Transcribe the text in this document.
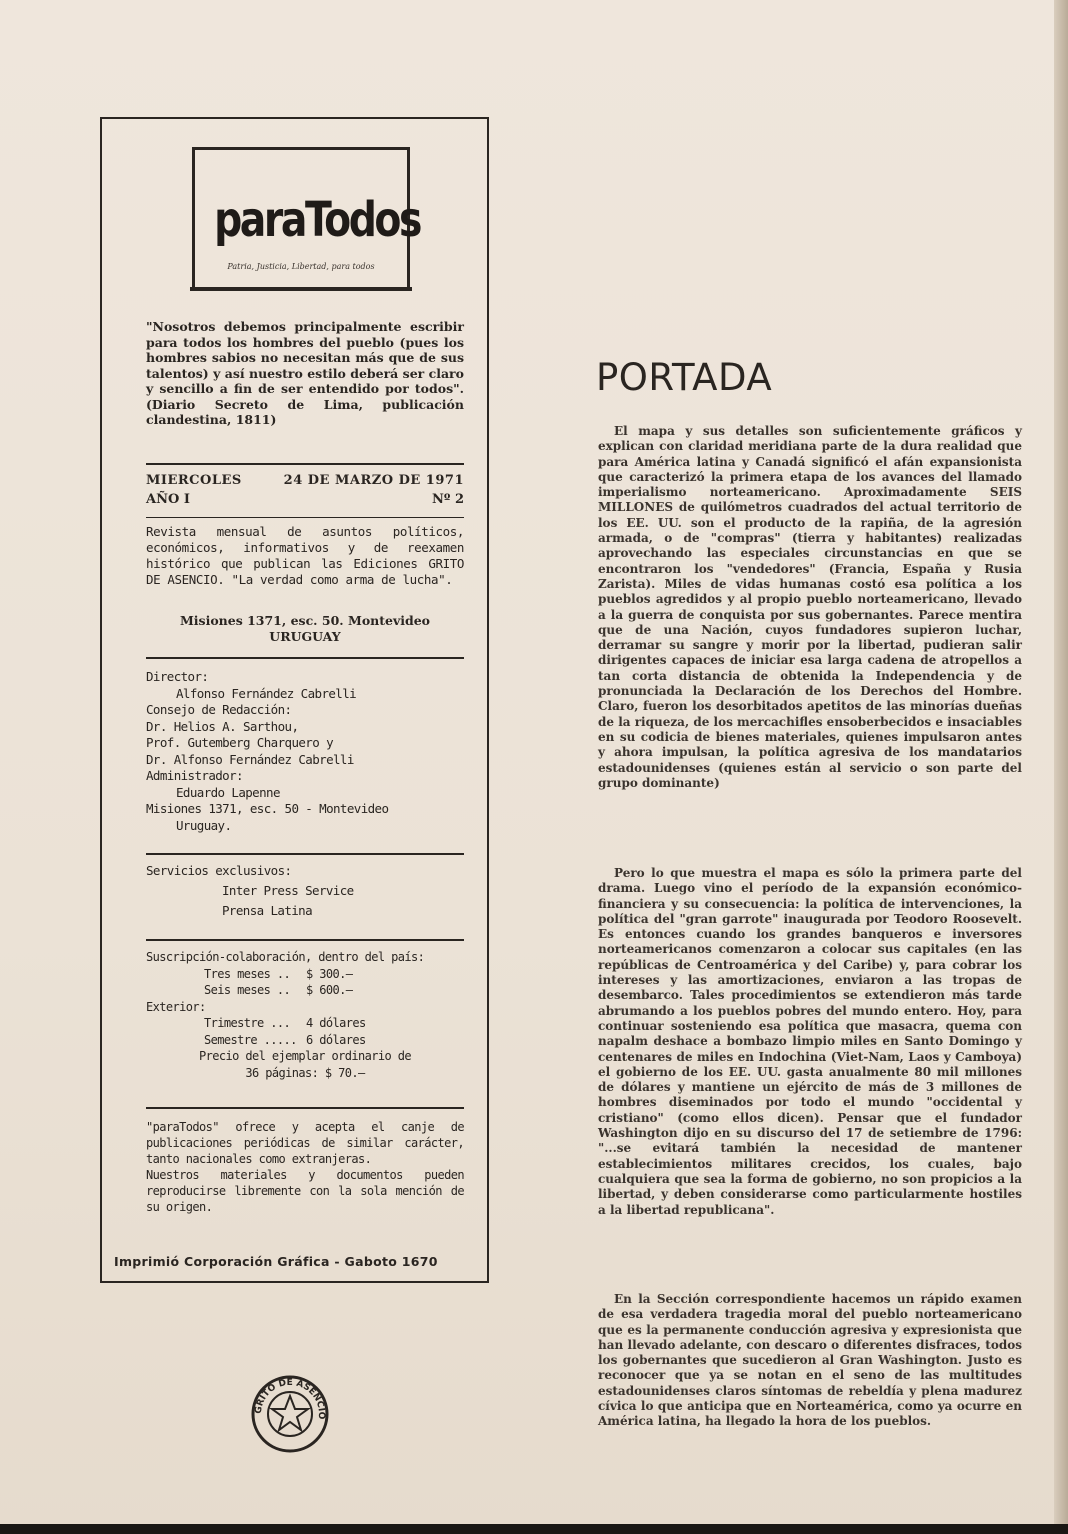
paraTodos
Patria, Justicia, Libertad, para todos
"Nosotros debemos principalmente escribir para todos los hombres del pueblo (pues los hombres sabios no necesitan más que de sus talentos) y así nuestro estilo deberá ser claro y sencillo a fin de ser entendido por todos". (Diario Secreto de Lima, publicación clandestina, 1811)
MIERCOLES	24 DE MARZO DE 1971
AÑO I	Nº 2
Revista mensual de asuntos políticos, económicos, informativos y de reexamen histórico que publican las Ediciones GRITO DE ASENCIO. "La verdad como arma de lucha".
Misiones 1371, esc. 50. Montevideo
URUGUAY
Director:
Alfonso Fernández Cabrelli
Consejo de Redacción:
Dr. Helios A. Sarthou,
Prof. Gutemberg Charquero y
Dr. Alfonso Fernández Cabrelli
Administrador:
Eduardo Lapenne
Misiones 1371, esc. 50 - Montevideo
Uruguay.
Servicios exclusivos:
Inter Press Service
Prensa Latina
Suscripción-colaboración, dentro del país:
Tres meses ..	$ 300.—
Seis meses ..	$ 600.—
Exterior:
Trimestre ...	4 dólares
Semestre ..... 6 dólares
Precio del ejemplar ordinario de
36 páginas: $ 70.—
"paraTodos" ofrece y acepta el canje de publicaciones periódicas de similar carácter, tanto nacionales como extranjeras.
Nuestros materiales y documentos pueden reproducirse libremente con la sola mención de su origen.
Imprimió Corporación Gráfica - Gaboto 1670
GRITO DE ASENCIO
PORTADA
El mapa y sus detalles son suficientemente gráficos y explican con claridad meridiana parte de la dura realidad que para América latina y Canadá significó el afán expansionista que caracterizó la primera etapa de los avances del llamado imperialismo norteamericano. Aproximadamente SEIS MILLONES de quilómetros cuadrados del actual territorio de los EE. UU. son el producto de la rapiña, de la agresión armada, o de "compras" (tierra y habitantes) realizadas aprovechando las especiales circunstancias en que se encontraron los "vendedores" (Francia, España y Rusia Zarista). Miles de vidas humanas costó esa política a los pueblos agredidos y al propio pueblo norteamericano, llevado a la guerra de conquista por sus gobernantes. Parece mentira que de una Nación, cuyos fundadores supieron luchar, derramar su sangre y morir por la libertad, pudieran salir dirigentes capaces de iniciar esa larga cadena de atropellos a tan corta distancia de obtenida la Independencia y de pronunciada la Declaración de los Derechos del Hombre. Claro, fueron los desorbitados apetitos de las minorías dueñas de la riqueza, de los mercachifles ensoberbecidos e insaciables en su codicia de bienes materiales, quienes impulsaron antes y ahora impulsan, la política agresiva de los mandatarios estadounidenses (quienes están al servicio o son parte del grupo dominante)
Pero lo que muestra el mapa es sólo la primera parte del drama. Luego vino el período de la expansión económico-financiera y su consecuencia: la política de intervenciones, la política del "gran garrote" inaugurada por Teodoro Roosevelt. Es entonces cuando los grandes banqueros e inversores norteamericanos comenzaron a colocar sus capitales (en las repúblicas de Centroamérica y del Caribe) y, para cobrar los intereses y las amortizaciones, enviaron a las tropas de desembarco. Tales procedimientos se extendieron más tarde abrumando a los pueblos pobres del mundo entero. Hoy, para continuar sosteniendo esa política que masacra, quema con napalm deshace a bombazo limpio miles en Santo Domingo y centenares de miles en Indochina (Viet-Nam, Laos y Camboya) el gobierno de los EE. UU. gasta anualmente 80 mil millones de dólares y mantiene un ejército de más de 3 millones de hombres diseminados por todo el mundo "occidental y cristiano" (como ellos dicen). Pensar que el fundador Washington dijo en su discurso del 17 de setiembre de 1796: "...se evitará también la necesidad de mantener establecimientos militares crecidos, los cuales, bajo cualquiera que sea la forma de gobierno, no son propicios a la libertad, y deben considerarse como particularmente hostiles a la libertad republicana".
En la Sección correspondiente hacemos un rápido examen de esa verdadera tragedia moral del pueblo norteamericano que es la permanente conducción agresiva y expresionista que han llevado adelante, con descaro o diferentes disfraces, todos los gobernantes que sucedieron al Gran Washington. Justo es reconocer que ya se notan en el seno de las multitudes estadounidenses claros síntomas de rebeldía y plena madurez cívica lo que anticipa que en Norteamérica, como ya ocurre en América latina, ha llegado la hora de los pueblos.
